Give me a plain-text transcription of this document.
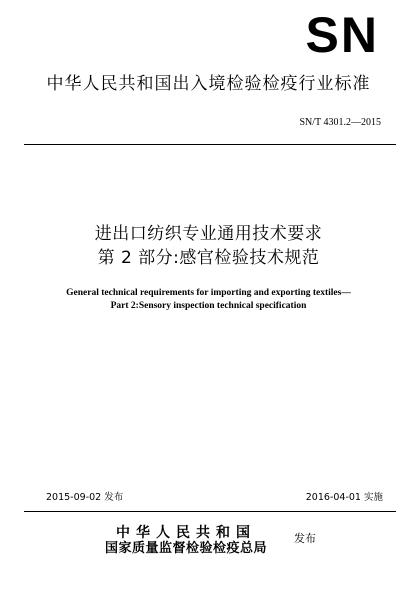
SN
中华人民共和国出入境检验检疫行业标准
SN/T 4301.2—2015
进出口纺织专业通用技术要求
第 2 部分:感官检验技术规范
General technical requirements for importing and exporting textiles—
Part 2:Sensory inspection technical specification
2015-09-02 发布	2016-04-01 实施
中华人民共和国
国家质量监督检验检疫总局
发布
